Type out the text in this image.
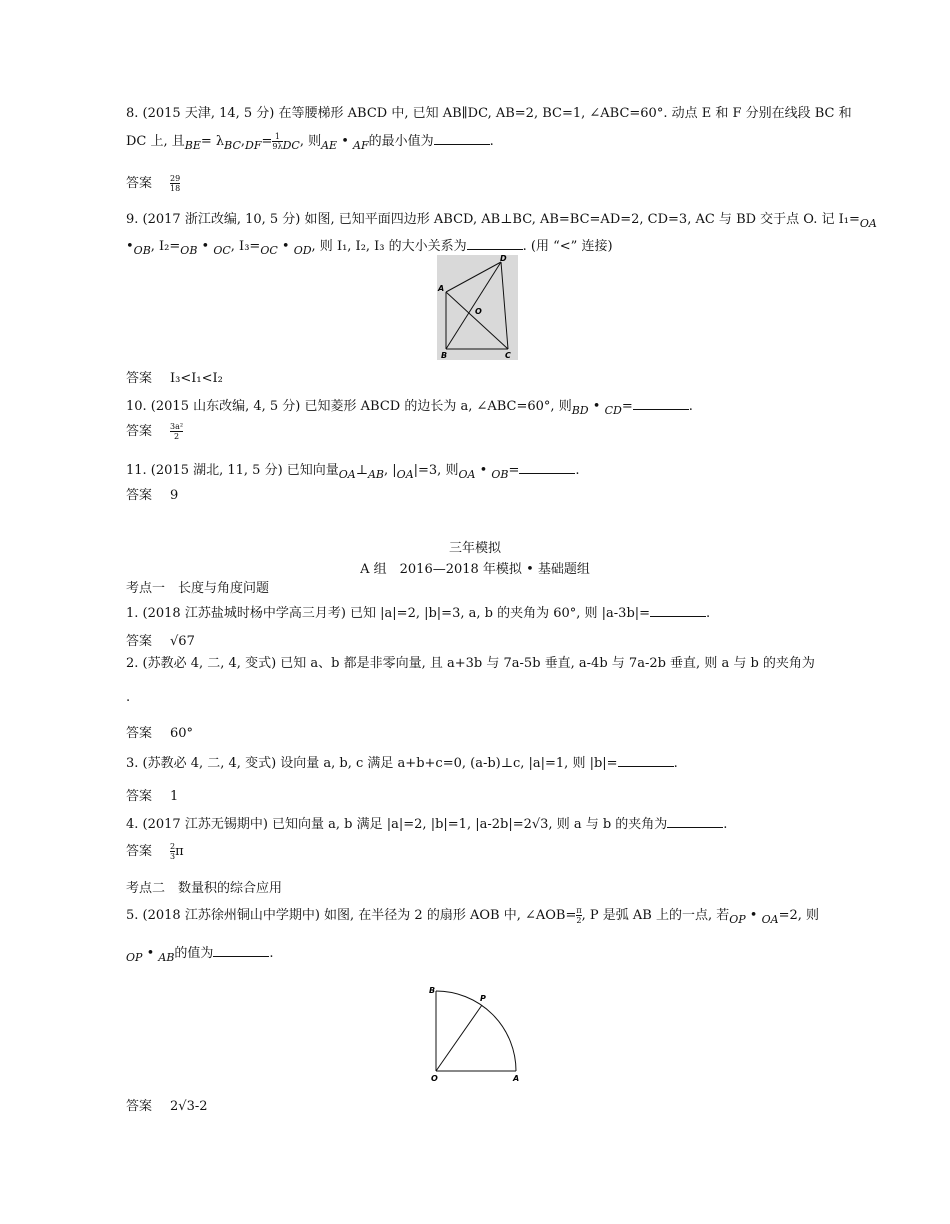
8. (2015 天津, 14, 5 分) 在等腰梯形 ABCD 中, 已知 AB∥DC, AB=2, BC=1, ∠ABC=60°. 动点 E 和 F 分别在线段 BC 和
DC 上, 且$_{BE}= \lambda_{BC},_{DF}= \frac{1}{9\lambda} _{DC}$, 则$_{AE}$ • $_{AF}$的最小值为	.
答案 $\frac{29}{18}$
9. (2017 浙江改编, 10, 5 分) 如图, 已知平面四边形 ABCD, AB⊥BC, AB=BC=AD=2, CD=3, AC 与 BD 交于点 O. 记 $I_1=_{OA}$
$•_{OB}$, $I_2=_{OB}$ • $_{OC}$, $I_3=_{OC}$ • $_{OD}$, 则 I₁, I₂, I₃ 的大小关系为	. (用 “<” 连接)
A
B	C
D
O
答案 I₃<I₁<I₂
10. (2015 山东改编, 4, 5 分) 已知菱形 ABCD 的边长为 a, ∠ABC=60°, 则$_{BD}$ • $_{CD}$=	.
答案 $\frac{\text{3a²}}{2}$
11. (2015 湖北, 11, 5 分) 已知向量$_{OA}\perp_{AB}$, $|_{OA}|=3$, 则$_{OA}$ • $_{OB}$=	.
答案 9
三年模拟
A 组　2016—2018 年模拟 • 基础题组
考点一　长度与角度问题
1. (2018 江苏盐城时杨中学高三月考) 已知 |a|=2, |b|=3, a, b 的夹角为 60°, 则 |a-3b|=	.
答案 √67
2. (苏教必 4, 二, 4, 变式) 已知 a、b 都是非零向量, 且 a+3b 与 7a-5b 垂直, a-4b 与 7a-2b 垂直, 则 a 与 b 的夹角为
.
答案 60°
3. (苏教必 4, 二, 4, 变式) 设向量 a, b, c 满足 a+b+c=0, (a-b)⊥c, |a|=1, 则 |b|=	.
答案 1
4. (2017 江苏无锡期中) 已知向量 a, b 满足 |a|=2, |b|=1, |a-2b|=2√3, 则 a 与 b 的夹角为	.
答案 $\frac{2}{3}$ π
考点二　数量积的综合应用
5. (2018 江苏徐州铜山中学期中) 如图, 在半径为 2 的扇形 AOB 中, ∠AOB= $\frac{\pi}{2}$ , P 是弧 AB 上的一点, 若$_{OP}$ • $_{OA}$=2, 则
$_{OP}$ • $_{AB}$的值为	.
B
P
O	A
答案 2√3-2
